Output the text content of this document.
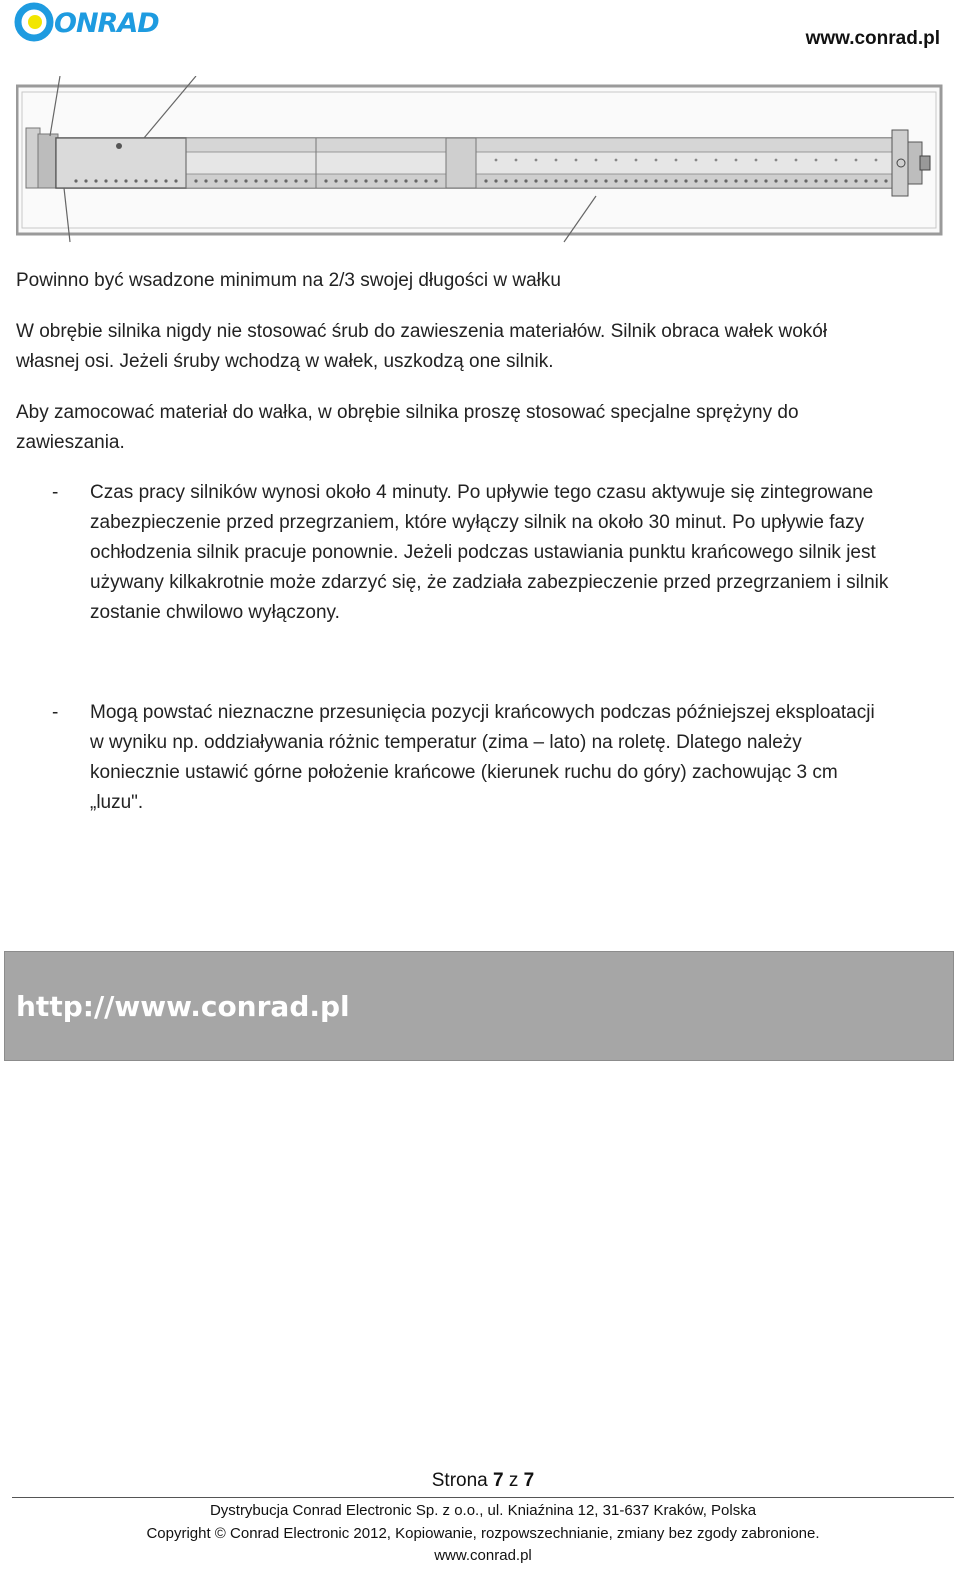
ONRAD	www.conrad.pl
Powinno być wsadzone minimum na 2/3 swojej długości w wałku
W obrębie silnika nigdy nie stosować śrub do zawieszenia materiałów. Silnik obraca wałek wokół
własnej osi. Jeżeli śruby wchodzą w wałek, uszkodzą one silnik.
Aby zamocować materiał do wałka, w obrębie silnika proszę stosować specjalne sprężyny do
zawieszania.
- Czas pracy silników wynosi około 4 minuty. Po upływie tego czasu aktywuje się zintegrowane
zabezpieczenie przed przegrzaniem, które wyłączy silnik na około 30 minut. Po upływie fazy
ochłodzenia silnik pracuje ponownie. Jeżeli podczas ustawiania punktu krańcowego silnik jest
używany kilkakrotnie może zdarzyć się, że zadziała zabezpieczenie przed przegrzaniem i silnik
zostanie chwilowo wyłączony.
- Mogą powstać nieznaczne przesunięcia pozycji krańcowych podczas późniejszej eksploatacji
w wyniku np. oddziaływania różnic temperatur (zima – lato) na roletę. Dlatego należy
koniecznie ustawić górne położenie krańcowe (kierunek ruchu do góry) zachowując 3 cm
„luzu".
http://www.conrad.pl
Strona 7 z 7
Dystrybucja Conrad Electronic Sp. z o.o., ul. Kniaźnina 12, 31-637 Kraków, Polska
Copyright © Conrad Electronic 2012, Kopiowanie, rozpowszechnianie, zmiany bez zgody zabronione.
www.conrad.pl
